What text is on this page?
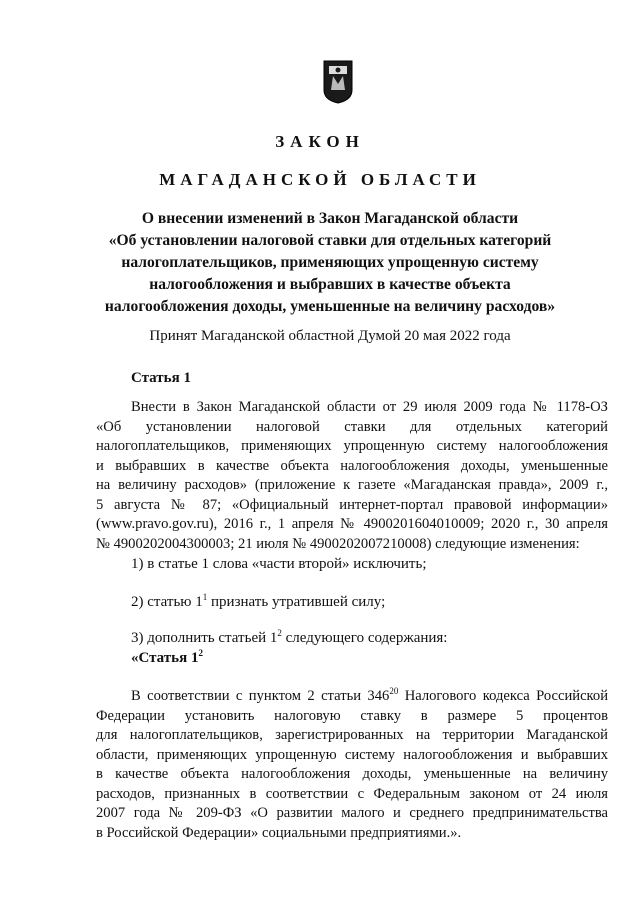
ЗАКОН
МАГАДАНСКОЙ ОБЛАСТИ
О внесении изменений в Закон Магаданской области
«Об установлении налоговой ставки для отдельных категорий
налогоплательщиков, применяющих упрощенную систему
налогообложения и выбравших в качестве объекта
налогообложения доходы, уменьшенные на величину расходов»
Принят Магаданской областной Думой 20 мая 2022 года
Статья 1
Внести в Закон Магаданской области от 29 июля 2009 года № 1178-ОЗ
«Об установлении налоговой ставки для отдельных категорий
налогоплательщиков, применяющих упрощенную систему налогообложения
и выбравших в качестве объекта налогообложения доходы, уменьшенные
на величину расходов» (приложение к газете «Магаданская правда», 2009 г.,
5 августа № 87; «Официальный интернет-портал правовой информации»
(www.pravo.gov.ru), 2016 г., 1 апреля № 4900201604010009; 2020 г., 30 апреля
№ 4900202004300003; 21 июля № 4900202007210008) следующие изменения:
1) в статье 1 слова «части второй» исключить;
2) статью $1^1$ признать утратившей силу;
3) дополнить статьей $1^2$ следующего содержания:
«Статья $1^2$
В соответствии с пунктом 2 статьи $346^{20}$ Налогового кодекса Российской
Федерации установить налоговую ставку в размере 5 процентов
для налогоплательщиков, зарегистрированных на территории Магаданской
области, применяющих упрощенную систему налогообложения и выбравших
в качестве объекта налогообложения доходы, уменьшенные на величину
расходов, признанных в соответствии с Федеральным законом от 24 июля
2007 года № 209-ФЗ «О развитии малого и среднего предпринимательства
в Российской Федерации» социальными предприятиями.».
